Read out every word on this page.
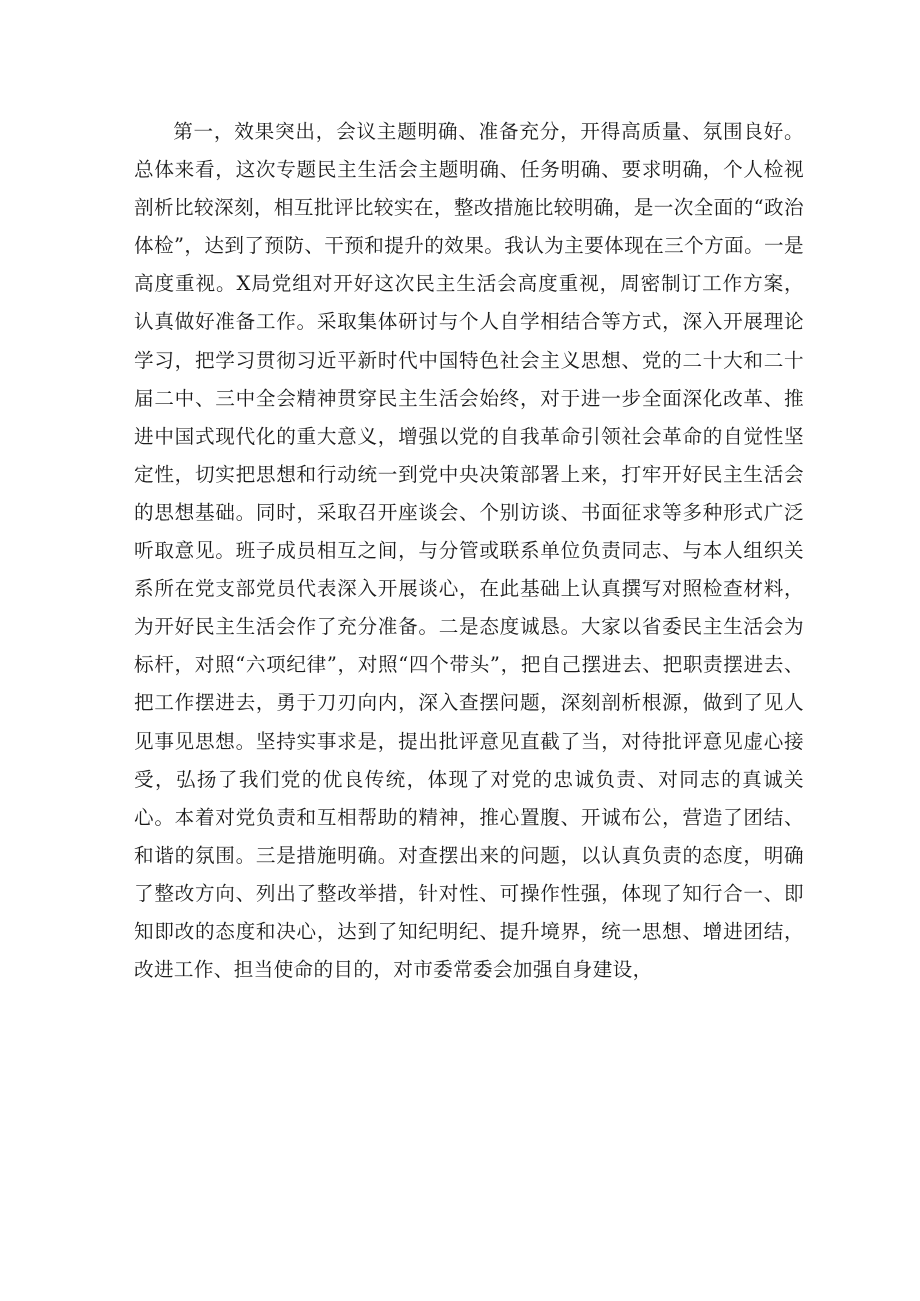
第一，效果突出，会议主题明确、准备充分，开得高质量、氛围良好。总体来看，这次专题民主生活会主题明确、任务明确、要求明确，个人检视剖析比较深刻，相互批评比较实在，整改措施比较明确，是一次全面的“政治体检”，达到了预防、干预和提升的效果。我认为主要体现在三个方面。一是高度重视。X局党组对开好这次民主生活会高度重视，周密制订工作方案，认真做好准备工作。采取集体研讨与个人自学相结合等方式，深入开展理论学习，把学习贯彻习近平新时代中国特色社会主义思想、党的二十大和二十届二中、三中全会精神贯穿民主生活会始终，对于进一步全面深化改革、推进中国式现代化的重大意义，增强以党的自我革命引领社会革命的自觉性坚定性，切实把思想和行动统一到党中央决策部署上来，打牢开好民主生活会的思想基础。同时，采取召开座谈会、个别访谈、书面征求等多种形式广泛听取意见。班子成员相互之间，与分管或联系单位负责同志、与本人组织关系所在党支部党员代表深入开展谈心，在此基础上认真撰写对照检查材料，为开好民主生活会作了充分准备。二是态度诚恳。大家以省委民主生活会为标杆，对照“六项纪律”，对照“四个带头”，把自己摆进去、把职责摆进去、把工作摆进去，勇于刀刃向内，深入查摆问题，深刻剖析根源，做到了见人见事见思想。坚持实事求是，提出批评意见直截了当，对待批评意见虚心接受，弘扬了我们党的优良传统，体现了对党的忠诚负责、对同志的真诚关心。本着对党负责和互相帮助的精神，推心置腹、开诚布公，营造了团结、和谐的氛围。三是措施明确。对查摆出来的问题，以认真负责的态度，明确了整改方向、列出了整改举措，针对性、可操作性强，体现了知行合一、即知即改的态度和决心，达到了知纪明纪、提升境界，统一思想、增进团结，改进工作、担当使命的目的，对市委常委会加强自身建设，
